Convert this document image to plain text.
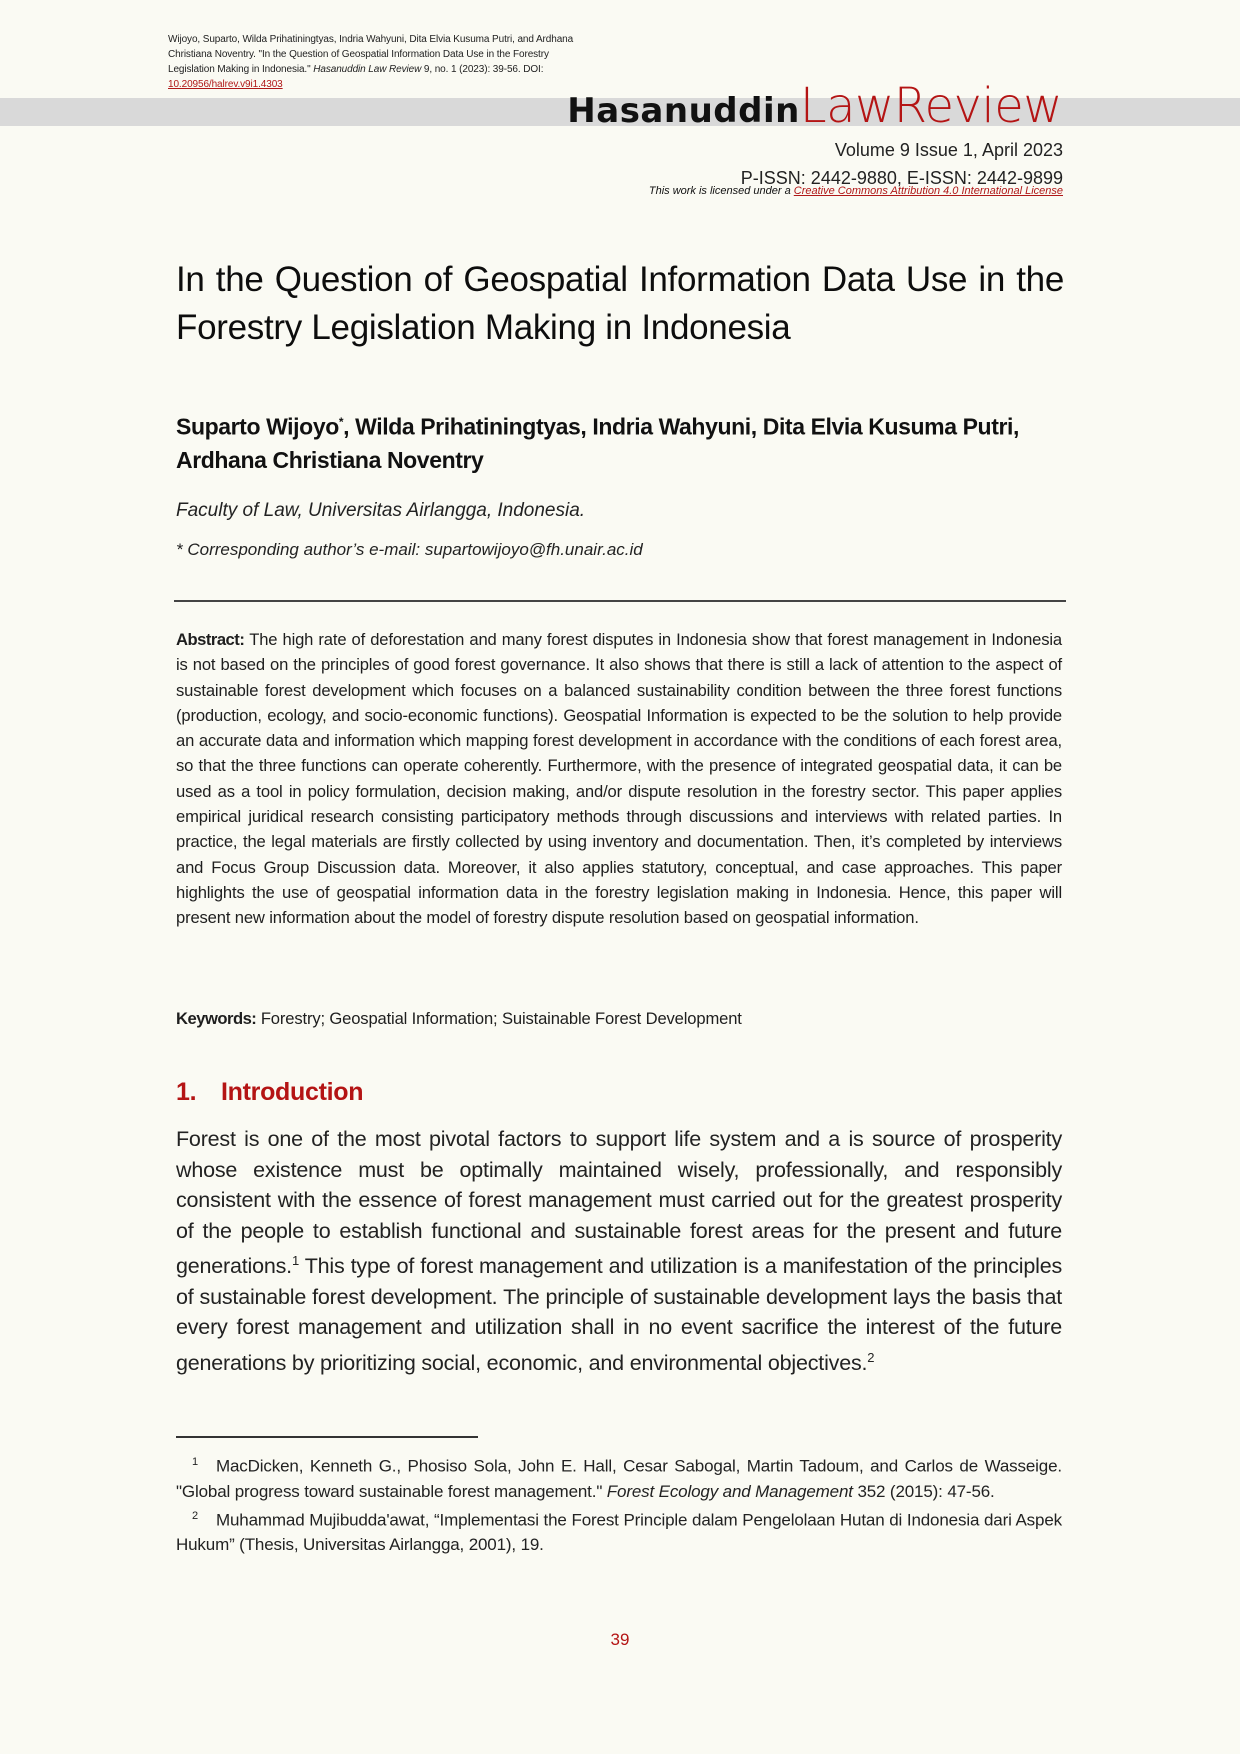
Wijoyo, Suparto, Wilda Prihatiningtyas, Indria Wahyuni, Dita Elvia Kusuma Putri, and Ardhana Christiana Noventry. "In the Question of Geospatial Information Data Use in the Forestry Legislation Making in Indonesia." Hasanuddin Law Review 9, no. 1 (2023): 39-56. DOI: 10.20956/halrev.v9i1.4303
Hasanuddin LawReview
Volume 9 Issue 1, April 2023
P-ISSN: 2442-9880, E-ISSN: 2442-9899
This work is licensed under a Creative Commons Attribution 4.0 International License
In the Question of Geospatial Information Data Use in the Forestry Legislation Making in Indonesia
Suparto Wijoyo*, Wilda Prihatiningtyas, Indria Wahyuni, Dita Elvia Kusuma Putri, Ardhana Christiana Noventry
Faculty of Law, Universitas Airlangga, Indonesia.
* Corresponding author’s e-mail: supartowijoyo@fh.unair.ac.id

Abstract: The high rate of deforestation and many forest disputes in Indonesia show that forest management in Indonesia is not based on the principles of good forest governance. It also shows that there is still a lack of attention to the aspect of sustainable forest development which focuses on a balanced sustainability condition between the three forest functions (production, ecology, and socio-economic functions). Geospatial Information is expected to be the solution to help provide an accurate data and information which mapping forest development in accordance with the conditions of each forest area, so that the three functions can operate coherently. Furthermore, with the presence of integrated geospatial data, it can be used as a tool in policy formulation, decision making, and/or dispute resolution in the forestry sector. This paper applies empirical juridical research consisting participatory methods through discussions and interviews with related parties. In practice, the legal materials are firstly collected by using inventory and documentation. Then, it’s completed by interviews and Focus Group Discussion data. Moreover, it also applies statutory, conceptual, and case approaches. This paper highlights the use of geospatial information data in the forestry legislation making in Indonesia. Hence, this paper will present new information about the model of forestry dispute resolution based on geospatial information.

Keywords: Forestry; Geospatial Information; Suistainable Forest Development

1. Introduction

Forest is one of the most pivotal factors to support life system and a is source of prosperity whose existence must be optimally maintained wisely, professionally, and responsibly consistent with the essence of forest management must carried out for the greatest prosperity of the people to establish functional and sustainable forest areas for the present and future generations.$^1$ This type of forest management and utilization is a manifestation of the principles of sustainable forest development. The principle of sustainable development lays the basis that every forest management and utilization shall in no event sacrifice the interest of the future generations by prioritizing social, economic, and environmental objectives.$^2$

$^1$ MacDicken, Kenneth G., Phosiso Sola, John E. Hall, Cesar Sabogal, Martin Tadoum, and Carlos de Wasseige. "Global progress toward sustainable forest management." Forest Ecology and Management 352 (2015): 47-56.

$^2$ Muhammad Mujibudda'awat, “Implementasi the Forest Principle dalam Pengelolaan Hutan di Indonesia dari Aspek Hukum” (Thesis, Universitas Airlangga, 2001), 19.

39
